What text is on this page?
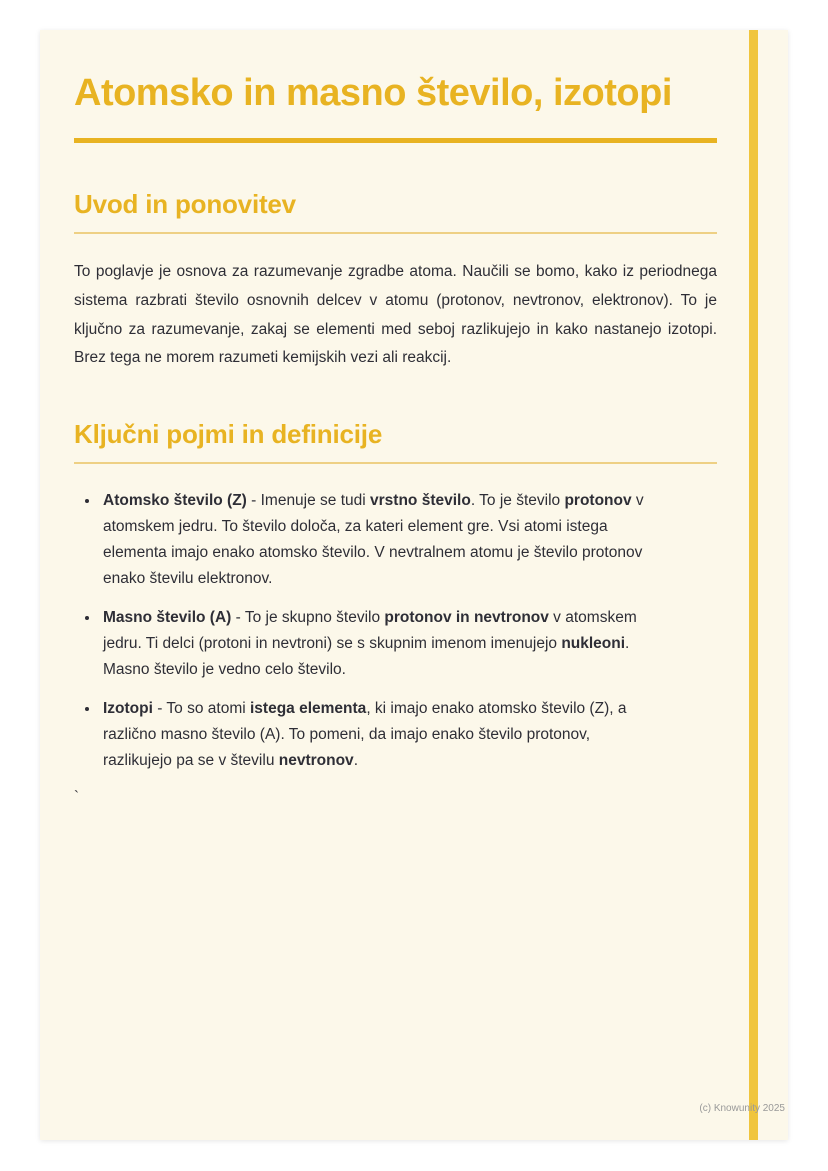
Atomsko in masno število, izotopi
Uvod in ponovitev

To poglavje je osnova za razumevanje zgradbe atoma. Naučili se bomo, kako iz periodnega sistema razbrati število osnovnih delcev v atomu (protonov, nevtronov, elektronov). To je ključno za razumevanje, zakaj se elementi med seboj razlikujejo in kako nastanejo izotopi. Brez tega ne morem razumeti kemijskih vezi ali reakcij.

Ključni pojmi in definicije
• Atomsko število (Z) - Imenuje se tudi vrstno število. To je število protonov v atomskem jedru. To število določa, za kateri element gre. Vsi atomi istega elementa imajo enako atomsko število. V nevtralnem atomu je število protonov enako številu elektronov.
• Masno število (A) - To je skupno število protonov in nevtronov v atomskem jedru. Ti delci (protoni in nevtroni) se s skupnim imenom imenujejo nukleoni. Masno število je vedno celo število.
• Izotopi - To so atomi istega elementa, ki imajo enako atomsko število (Z), a različno masno število (A). To pomeni, da imajo enako število protonov, razlikujejo pa se v številu nevtronov.
`
(c) Knowunity 2025
